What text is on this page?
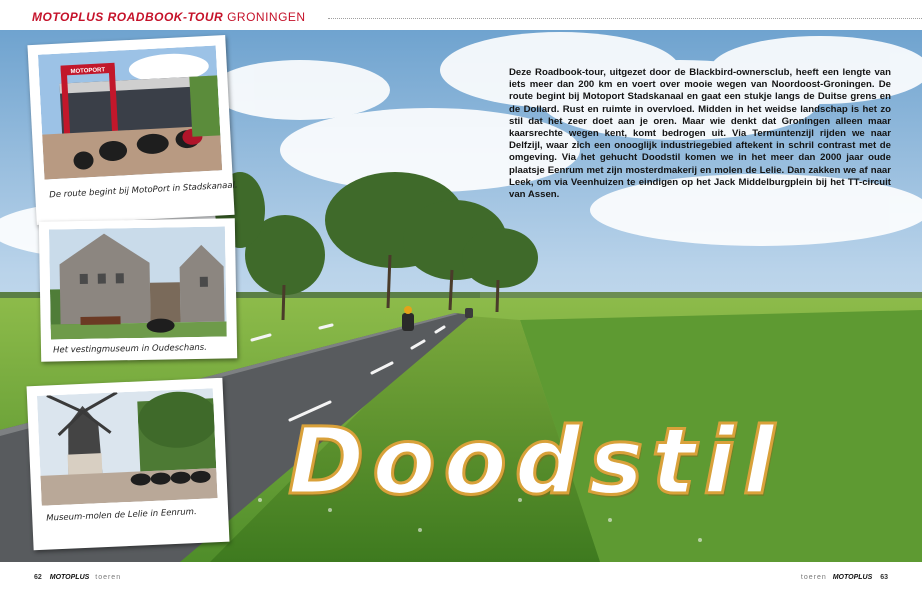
MOTOPLUS ROADBOOK-TOUR GRONINGEN

Deze Roadbook-tour, uitgezet door de Blackbird-ownersclub, heeft een lengte van iets meer dan 200 km en voert over mooie wegen van Noordoost-Groningen. De route begint bij Motoport Stadskanaal en gaat een stukje langs de Duitse grens en de Dollard. Rust en ruimte in overvloed. Midden in het weidse landschap is het zo stil dat het zeer doet aan je oren. Maar wie denkt dat Groningen alleen maar kaarsrechte wegen kent, komt bedrogen uit. Via Termuntenzijl rijden we naar Delfzijl, waar zich een onooglijk industriegebied aftekent in schril contrast met de omgeving. Via het gehucht Doodstil komen we in het meer dan 2000 jaar oude plaatsje Eenrum met zijn mosterdmakerij en molen de Lelie. Dan zakken we af naar Leek, om via Veenhuizen te eindigen op het Jack Middelburgplein bij het TT-circuit van Assen.

MOTOPORT
De route begint bij MotoPort in Stadskanaal.
Het vestingmuseum in Oudeschans.
Museum-molen de Lelie in Eenrum.
Doodstil
62 MOTOPLUS toeren	toeren MOTOPLUS 63
